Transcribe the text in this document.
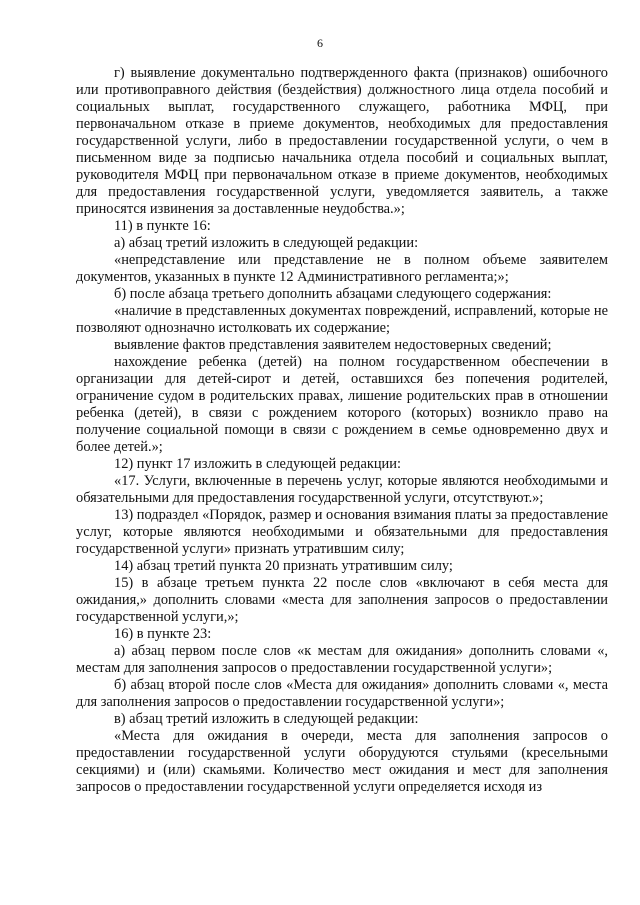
6

г) выявление документально подтвержденного факта (признаков) ошибочного или противоправного действия (бездействия) должностного лица отдела пособий и социальных выплат, государственного служащего, работника МФЦ, при первоначальном отказе в приеме документов, необходимых для предоставления государственной услуги, либо в предоставлении государственной услуги, о чем в письменном виде за подписью начальника отдела пособий и социальных выплат, руководителя МФЦ при первоначальном отказе в приеме документов, необходимых для предоставления государственной услуги, уведомляется заявитель, а также приносятся извинения за доставленные неудобства.»;

11) в пункте 16:

а) абзац третий изложить в следующей редакции:

«непредставление или представление не в полном объеме заявителем документов, указанных в пункте 12 Административного регламента;»;

б) после абзаца третьего дополнить абзацами следующего содержания:

«наличие в представленных документах повреждений, исправлений, которые не позволяют однозначно истолковать их содержание;

выявление фактов представления заявителем недостоверных сведений;

нахождение ребенка (детей) на полном государственном обеспечении в организации для детей-сирот и детей, оставшихся без попечения родителей, ограничение судом в родительских правах, лишение родительских прав в отношении ребенка (детей), в связи с рождением которого (которых) возникло право на получение социальной помощи в связи с рождением в семье одновременно двух и более детей.»;

12) пункт 17 изложить в следующей редакции:

«17. Услуги, включенные в перечень услуг, которые являются необходимыми и обязательными для предоставления государственной услуги, отсутствуют.»;

13) подраздел «Порядок, размер и основания взимания платы за предоставление услуг, которые являются необходимыми и обязательными для предоставления государственной услуги» признать утратившим силу;

14) абзац третий пункта 20 признать утратившим силу;

15) в абзаце третьем пункта 22 после слов «включают в себя места для ожидания,» дополнить словами «места для заполнения запросов о предоставлении государственной услуги,»;

16) в пункте 23:

а) абзац первом после слов «к местам для ожидания» дополнить словами «, местам для заполнения запросов о предоставлении государственной услуги»;

б) абзац второй после слов «Места для ожидания» дополнить словами «, места для заполнения запросов о предоставлении государственной услуги»;

в) абзац третий изложить в следующей редакции:

«Места для ожидания в очереди, места для заполнения запросов о предоставлении государственной услуги оборудуются стульями (кресельными секциями) и (или) скамьями. Количество мест ожидания и мест для заполнения запросов о предоставлении государственной услуги определяется исходя из
